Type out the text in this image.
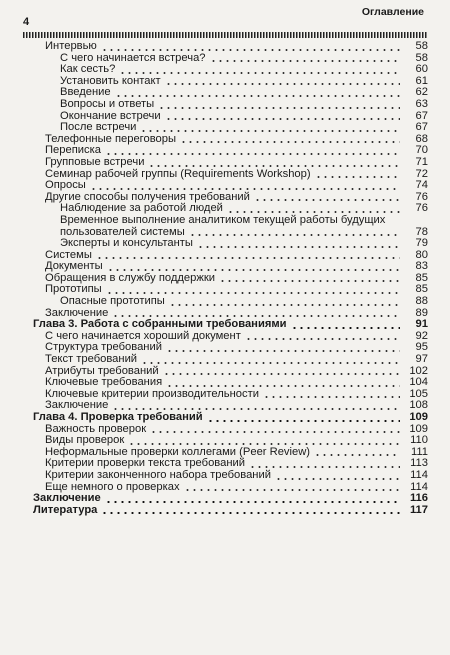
4
Оглавление
Интервью	58
С чего начинается встреча?	58
Как сесть?	60
Установить контакт	61
Введение	62
Вопросы и ответы	63
Окончание встречи	67
После встречи	67
Телефонные переговоры	68
Переписка	70
Групповые встречи	71
Семинар рабочей группы (Requirements Workshop)	72
Опросы	74
Другие способы получения требований	76
Наблюдение за работой людей	76
Временное выполнение аналитиком текущей работы будущих
пользователей системы	78
Эксперты и консультанты	79
Системы	80
Документы	83
Обращения в службу поддержки	85
Прототипы	85
Опасные прототипы	88
Заключение	89
Глава 3. Работа с собранными требованиями	91
С чего начинается хороший документ	92
Структура требований	95
Текст требований	97
Атрибуты требований	102
Ключевые требования	104
Ключевые критерии производительности	105
Заключение	108
Глава 4. Проверка требований	109
Важность проверок	109
Виды проверок	110
Неформальные проверки коллегами (Peer Review)	111
Критерии проверки текста требований	113
Критерии законченного набора требований	114
Еще немного о проверках	114
Заключение	116
Литература	117
